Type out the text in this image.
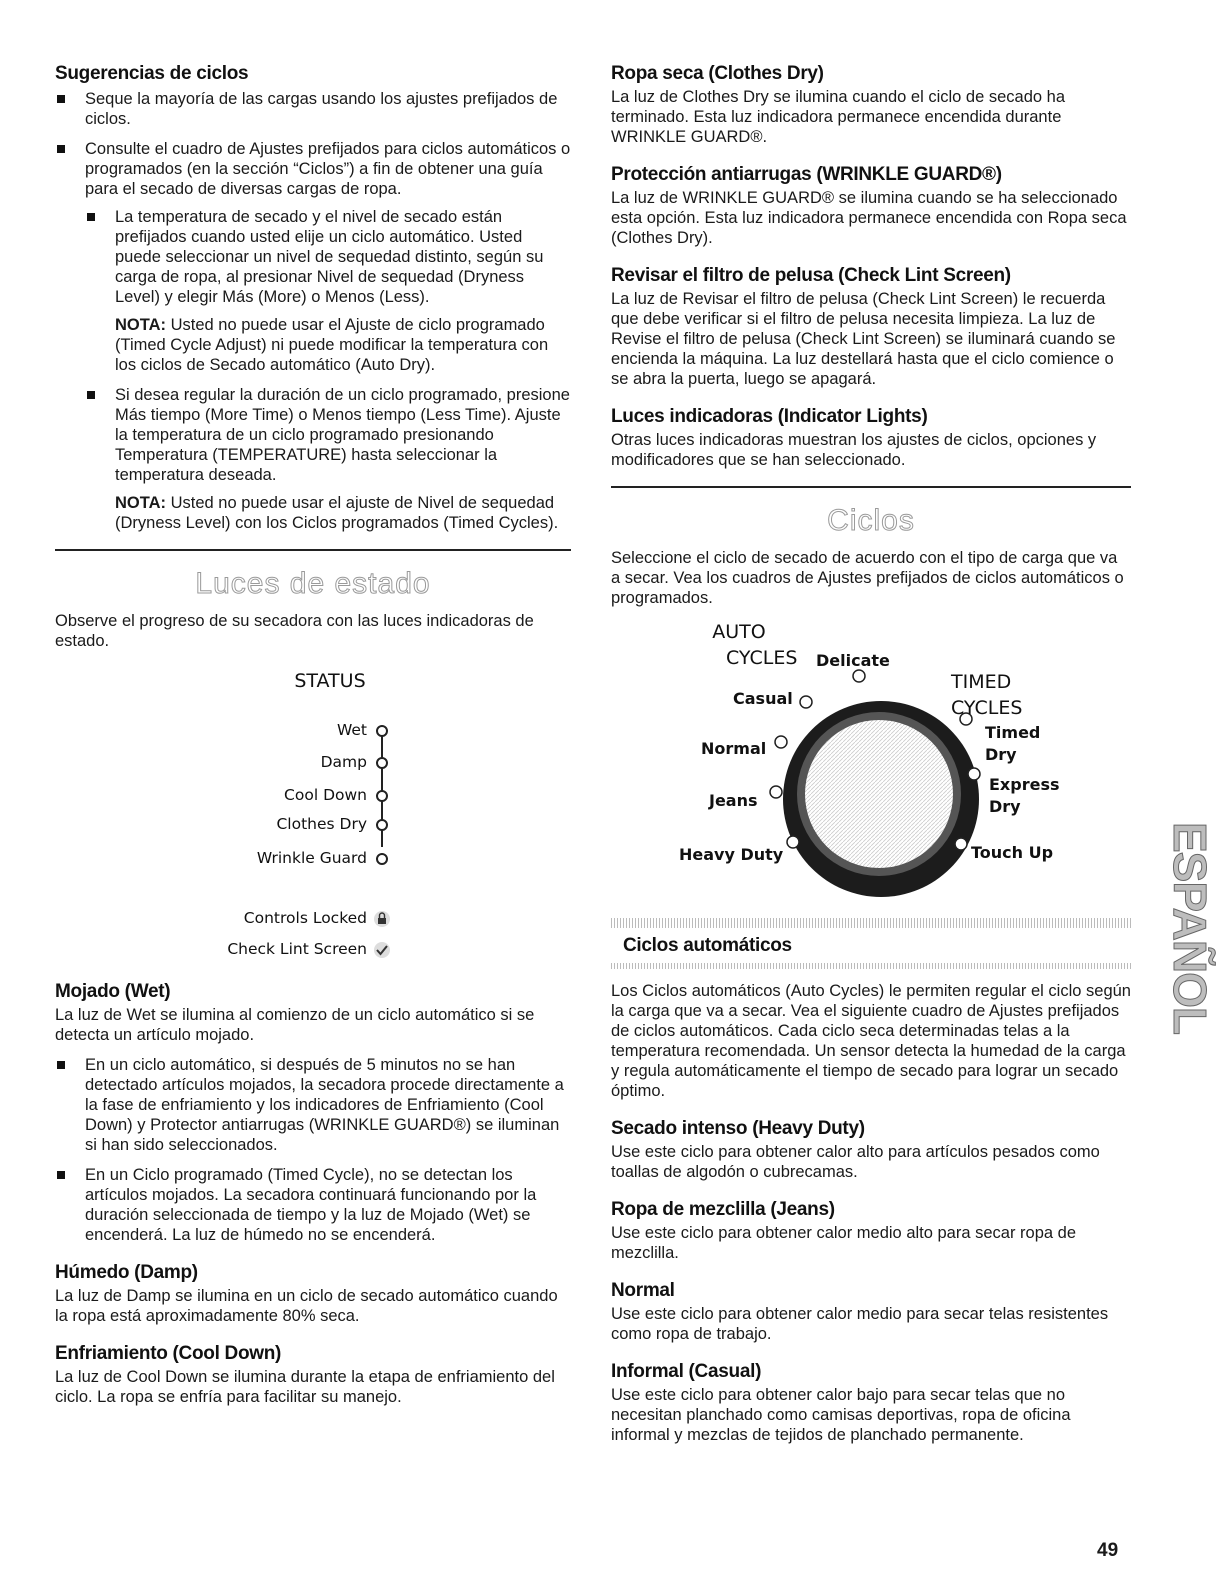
Sugerencias de ciclos
Seque la mayoría de las cargas usando los ajustes prefijados de ciclos.
Consulte el cuadro de Ajustes prefijados para ciclos automáticos o programados (en la sección “Ciclos”) a fin de obtener una guía para el secado de diversas cargas de ropa.
La temperatura de secado y el nivel de secado están prefijados cuando usted elije un ciclo automático. Usted puede seleccionar un nivel de sequedad distinto, según su carga de ropa, al presionar Nivel de sequedad (Dryness Level) y elegir Más (More) o Menos (Less).

NOTA: Usted no puede usar el Ajuste de ciclo programado (Timed Cycle Adjust) ni puede modificar la temperatura con los ciclos de Secado automático (Auto Dry).

Si desea regular la duración de un ciclo programado, presione Más tiempo (More Time) o Menos tiempo (Less Time). Ajuste la temperatura de un ciclo programado presionando Temperatura (TEMPERATURE) hasta seleccionar la temperatura deseada.

NOTA: Usted no puede usar el ajuste de Nivel de sequedad (Dryness Level) con los Ciclos programados (Timed Cycles).

Luces de estado

Observe el progreso de su secadora con las luces indicadoras de estado.

STATUS
Wet
Damp
Cool Down
Clothes Dry
Wrinkle Guard
Controls Locked
Check Lint Screen
Mojado (Wet)

La luz de Wet se ilumina al comienzo de un ciclo automático si se detecta un artículo mojado.

En un ciclo automático, si después de 5 minutos no se han detectado artículos mojados, la secadora procede directamente a la fase de enfriamiento y los indicadores de Enfriamiento (Cool Down) y Protector antiarrugas (WRINKLE GUARD®) se iluminan si han sido seleccionados.
En un Ciclo programado (Timed Cycle), no se detectan los artículos mojados. La secadora continuará funcionando por la duración seleccionada de tiempo y la luz de Mojado (Wet) se encenderá. La luz de húmedo no se encenderá.
Húmedo (Damp)

La luz de Damp se ilumina en un ciclo de secado automático cuando la ropa está aproximadamente 80% seca.

Enfriamiento (Cool Down)

La luz de Cool Down se ilumina durante la etapa de enfriamiento del ciclo. La ropa se enfría para facilitar su manejo.

Ropa seca (Clothes Dry)

La luz de Clothes Dry se ilumina cuando el ciclo de secado ha terminado. Esta luz indicadora permanece encendida durante WRINKLE GUARD®.

Protección antiarrugas (WRINKLE GUARD®)

La luz de WRINKLE GUARD® se ilumina cuando se ha seleccionado esta opción. Esta luz indicadora permanece encendida con Ropa seca (Clothes Dry).

Revisar el filtro de pelusa (Check Lint Screen)

La luz de Revisar el filtro de pelusa (Check Lint Screen) le recuerda que debe verificar si el filtro de pelusa necesita limpieza. La luz de Revise el filtro de pelusa (Check Lint Screen) se iluminará cuando se encienda la máquina. La luz destellará hasta que el ciclo comience o se abra la puerta, luego se apagará.

Luces indicadoras (Indicator Lights)

Otras luces indicadoras muestran los ajustes de ciclos, opciones y modificadores que se han seleccionado.

Ciclos

Seleccione el ciclo de secado de acuerdo con el tipo de carga que va a secar. Vea los cuadros de Ajustes prefijados de ciclos automáticos o programados.

AUTO
CYCLES
TIMED
CYCLES
Delicate
Casual
Normal
Jeans
Heavy Duty
Timed
Dry
Express
Dry
Touch Up
Ciclos automáticos

Los Ciclos automáticos (Auto Cycles) le permiten regular el ciclo según la carga que va a secar. Vea el siguiente cuadro de Ajustes prefijados de ciclos automáticos. Cada ciclo seca determinadas telas a la temperatura recomendada. Un sensor detecta la humedad de la carga y regula automáticamente el tiempo de secado para lograr un secado óptimo.

Secado intenso (Heavy Duty)

Use este ciclo para obtener calor alto para artículos pesados como toallas de algodón o cubrecamas.

Ropa de mezclilla (Jeans)

Use este ciclo para obtener calor medio alto para secar ropa de mezclilla.

Normal

Use este ciclo para obtener calor medio para secar telas resistentes como ropa de trabajo.

Informal (Casual)

Use este ciclo para obtener calor bajo para secar telas que no necesitan planchado como camisas deportivas, ropa de oficina informal y mezclas de tejidos de planchado permanente.

ESPAÑOL
49
